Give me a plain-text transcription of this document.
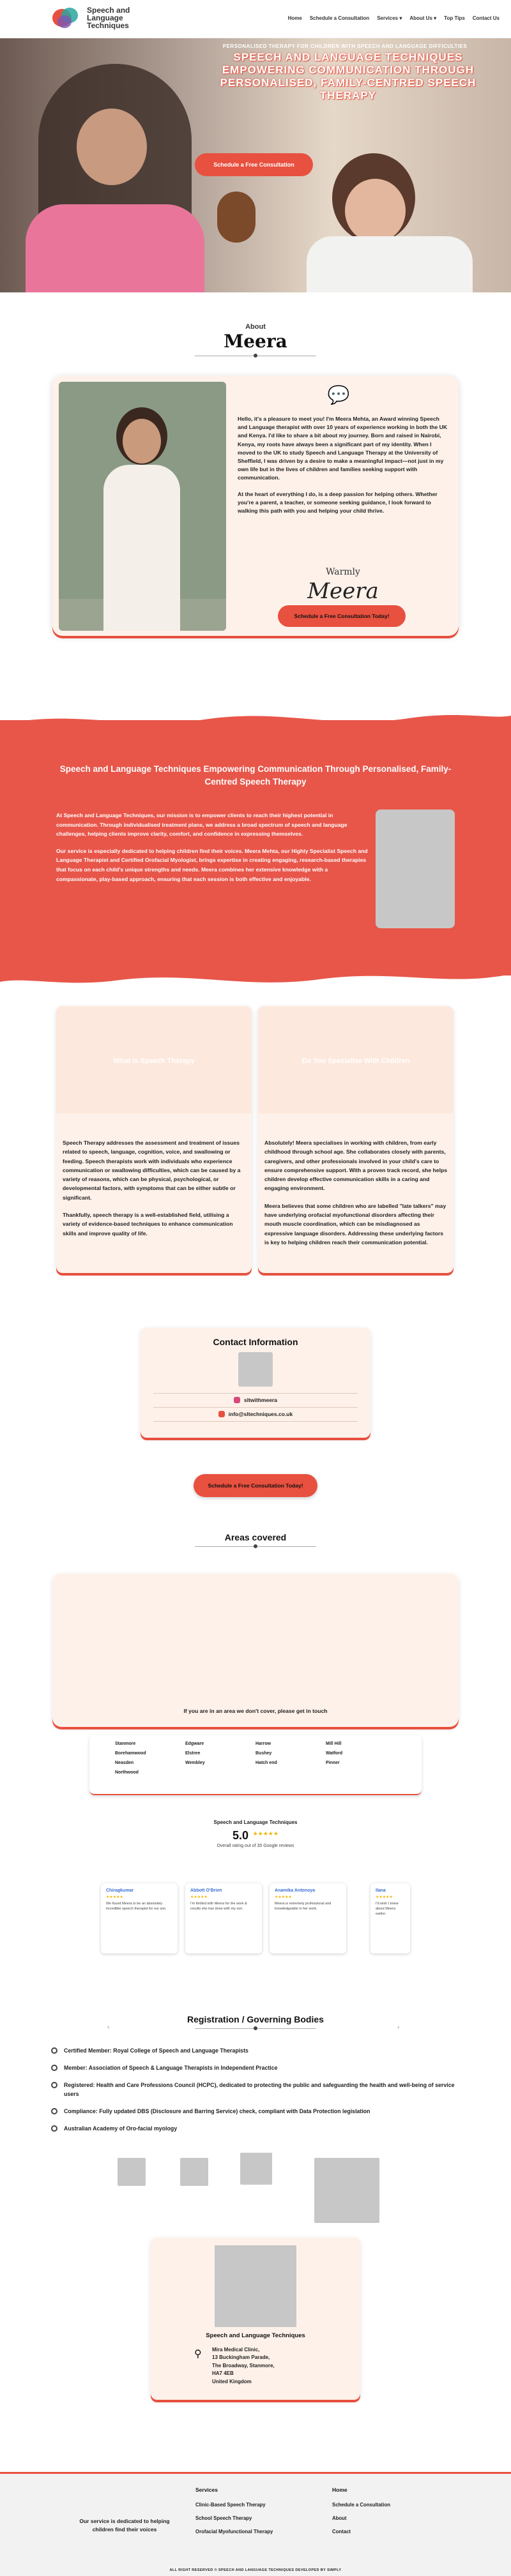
Speech and Language Techniques
Home Schedule a Consultation Services ▾ About Us ▾ Top Tips Contact Us
PERSONALISED THERAPY FOR CHILDREN WITH SPEECH AND LANGUAGE DIFFICULTIES
SPEECH AND LANGUAGE TECHNIQUES EMPOWERING COMMUNICATION THROUGH PERSONALISED, FAMILY-CENTRED SPEECH THERAPY
Schedule a Free Consultation
About
Meera
💬

Hello, it's a pleasure to meet you! I'm Meera Mehta, an Award winning Speech and Language therapist with over 10 years of experience working in both the UK and Kenya. I'd like to share a bit about my journey. Born and raised in Nairobi, Kenya, my roots have always been a significant part of my identity. When I moved to the UK to study Speech and Language Therapy at the University of Sheffield, I was driven by a desire to make a meaningful impact—not just in my own life but in the lives of children and families seeking support with communication.

At the heart of everything I do, is a deep passion for helping others. Whether you're a parent, a teacher, or someone seeking guidance, I look forward to walking this path with you and helping your child thrive.

Warmly
Meera
Schedule a Free Consultation Today!
Speech and Language Techniques Empowering Communication Through Personalised, Family-Centred Speech Therapy

At Speech and Language Techniques, our mission is to empower clients to reach their highest potential in communication. Through individualised treatment plans, we address a broad spectrum of speech and language challenges, helping clients improve clarity, comfort, and confidence in expressing themselves.

Our service is especially dedicated to helping children find their voices. Meera Mehta, our Highly Specialist Speech and Language Therapist and Certified Orofacial Myologist, brings expertise in creating engaging, research-based therapies that focus on each child's unique strengths and needs. Meera combines her extensive knowledge with a compassionate, play-based approach, ensuring that each session is both effective and enjoyable.

What is Speech Therapy

Speech Therapy addresses the assessment and treatment of issues related to speech, language, cognition, voice, and swallowing or feeding. Speech therapists work with individuals who experience communication or swallowing difficulties, which can be caused by a variety of reasons, which can be physical, psychological, or developmental factors, with symptoms that can be either subtle or significant.

Thankfully, speech therapy is a well-established field, utilising a variety of evidence-based techniques to enhance communication skills and improve quality of life.

Do You Specialise With Children

Absolutely! Meera specialises in working with children, from early childhood through school age. She collaborates closely with parents, caregivers, and other professionals involved in your child's care to ensure comprehensive support. With a proven track record, she helps children develop effective communication skills in a caring and engaging environment.

Meera believes that some children who are labelled "late talkers" may have underlying orofacial myofunctional disorders affecting their mouth muscle coordination, which can be misdiagnosed as expressive language disorders. Addressing these underlying factors is key to helping children reach their communication potential.

Contact Information
sltwithmeera
info@sltechniques.co.uk
Schedule a Free Consultation Today!
Areas covered
If you are in an area we don't cover, please get in touch
Stanmore	Edgware	Harrow	Mill Hill
Borehamwood	Elstree	Bushey	Watford
Neasden	Wembley	Hatch end	Pinner
Northwood
Speech and Language Techniques
5.0 ★★★★★
Overall rating out of 35 Google reviews
Chiragkumar
★★★★★
We found Meera to be an absolutely incredible speech therapist for our son.
Abbott O'Brien
★★★★★
I'm thrilled with Meera for the work & results she has done with my son.
Anamika Antonoya
★★★★★
Meera is extremely professional and knowledgeable in her work.
Ilana
★★★★★
I'd wish I knew about Meera earlier.
‹	›
Registration / Governing Bodies
Certified Member: Royal College of Speech and Language Therapists
Member: Association of Speech & Language Therapists in Independent Practice
Registered: Health and Care Professions Council (HCPC), dedicated to protecting the public and safeguarding the health and well-being of service users
Compliance: Fully updated DBS (Disclosure and Barring Service) check, compliant with Data Protection legislation
Australian Academy of Oro-facial myology
Speech and Language Techniques
⚲ Mira Medical Clinic,
13 Buckingham Parade,
The Broadway, Stanmore,
HA7 4EB
United Kingdom
Our service is dedicated to helping children find their voices
Services
Clinic-Based Speech Therapy
School Speech Therapy
Orofacial Myofunctional Therapy
Home
Schedule a Consultation
About
Contact
ALL RIGHT RESERVED © SPEECH AND LANGUAGE TECHNIQUES DEVELOPED BY SIMPLY
